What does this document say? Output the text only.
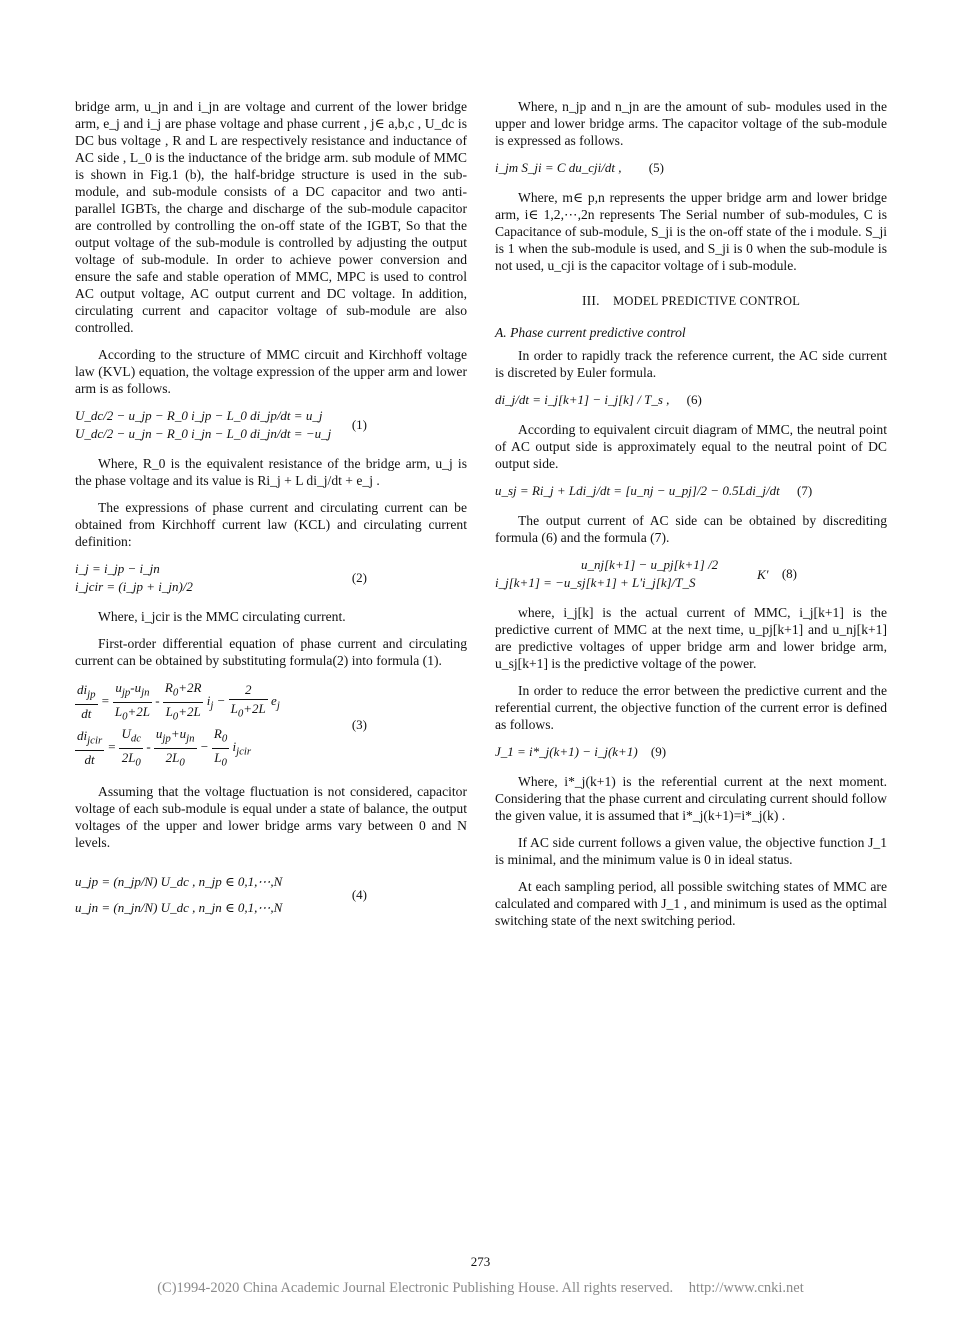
bridge arm, u_jn and i_jn are voltage and current of the lower bridge arm, e_j and i_j are phase voltage and phase current , j∈ a,b,c , U_dc is DC bus voltage , R and L are respectively resistance and inductance of AC side , L_0 is the inductance of the bridge arm. sub module of MMC is shown in Fig.1 (b), the half-bridge structure is used in the sub-module, and sub-module consists of a DC capacitor and two anti-parallel IGBTs, the charge and discharge of the sub-module capacitor are controlled by controlling the on-off state of the IGBT, So that the output voltage of the sub-module is controlled by adjusting the output voltage of sub-module. In order to achieve power conversion and ensure the safe and stable operation of MMC, MPC is used to control AC output voltage, AC output current and DC voltage. In addition, circulating current and capacitor voltage of sub-module are also controlled.

According to the structure of MMC circuit and Kirchhoff voltage law (KVL) equation, the voltage expression of the upper arm and lower arm is as follows.

U_dc/2 − u_jp − R_0 i_jp − L_0 di_jp/dt = u_j
U_dc/2 − u_jn − R_0 i_jn − L_0 di_jn/dt = −u_j
(1)

Where, R_0 is the equivalent resistance of the bridge arm, u_j is the phase voltage and its value is Ri_j + L di_j/dt + e_j .

The expressions of phase current and circulating current can be obtained from Kirchhoff current law (KCL) and circulating current definition:

i_j = i_jp − i_jn
i_jcir = (i_jp + i_jn)/2
(2)

Where, i_jcir is the MMC circulating current.

First-order differential equation of phase current and circulating current can be obtained by substituting formula(2) into formula (1).

$\frac{di_{jp}}{dt} = \frac{u_{jp}-u_{jn}}{L_0+2L} - \frac{R_0+2R}{L_0+2L} i_j - \frac{2}{L_0+2L} e_j$
$\frac{di_{jcir}}{dt} = \frac{U_{dc}}{2L_0} - \frac{u_{jp}+u_{jn}}{2L_0} - \frac{R_0}{L_0} i_{jcir}$
(3)

Assuming that the voltage fluctuation is not considered, capacitor voltage of each sub-module is equal under a state of balance, the output voltages of the upper and lower bridge arms vary between 0 and N levels.

u_jp = (n_jp/N) U_dc , n_jp ∈ 0,1,⋯,N
u_jn = (n_jn/N) U_dc , n_jn ∈ 0,1,⋯,N
(4)

Where, n_jp and n_jn are the amount of sub- modules used in the upper and lower bridge arms. The capacitor voltage of the sub-module is expressed as follows.

i_jm S_ji = C du_cji/dt , (5)

Where, m∈ p,n represents the upper bridge arm and lower bridge arm, i∈ 1,2,⋯,2n represents The Serial number of sub-modules, C is Capacitance of sub-module, S_ji is the on-off state of the i module. S_ji is 1 when the sub-module is used, and S_ji is 0 when the sub-module is not used, u_cji is the capacitor voltage of i sub-module.

III. MODEL PREDICTIVE CONTROL

A. Phase current predictive control

In order to rapidly track the reference current, the AC side current is discreted by Euler formula.

di_j/dt = i_j[k+1] − i_j[k] / T_s , (6)

According to equivalent circuit diagram of MMC, the neutral point of AC output side is approximately equal to the neutral point of DC output side.

u_sj = Ri_j + Ldi_j/dt = [u_nj − u_pj]/2 − 0.5Ldi_j/dt (7)

The output current of AC side can be obtained by discrediting formula (6) and the formula (7).

u_nj[k+1] − u_pj[k+1] /2
i_j[k+1] = −u_sj[k+1] + L'i_j[k]/T_S
K' (8)

where, i_j[k] is the actual current of MMC, i_j[k+1] is the predictive current of MMC at the next time, u_pj[k+1] and u_nj[k+1] are predictive voltages of upper bridge arm and lower bridge arm, u_sj[k+1] is the predictive voltage of the power.

In order to reduce the error between the predictive current and the referential current, the objective function of the current error is defined as follows.

J_1 = i*_j(k+1) − i_j(k+1) (9)

Where, i*_j(k+1) is the referential current at the next moment. Considering that the phase current and circulating current should follow the given value, it is assumed that i*_j(k+1)=i*_j(k) .

If AC side current follows a given value, the objective function J_1 is minimal, and the minimum value is 0 in ideal status.

At each sampling period, all possible switching states of MMC are calculated and compared with J_1 , and minimum is used as the optimal switching state of the next switching period.

273
(C)1994-2020 China Academic Journal Electronic Publishing House. All rights reserved. http://www.cnki.net
